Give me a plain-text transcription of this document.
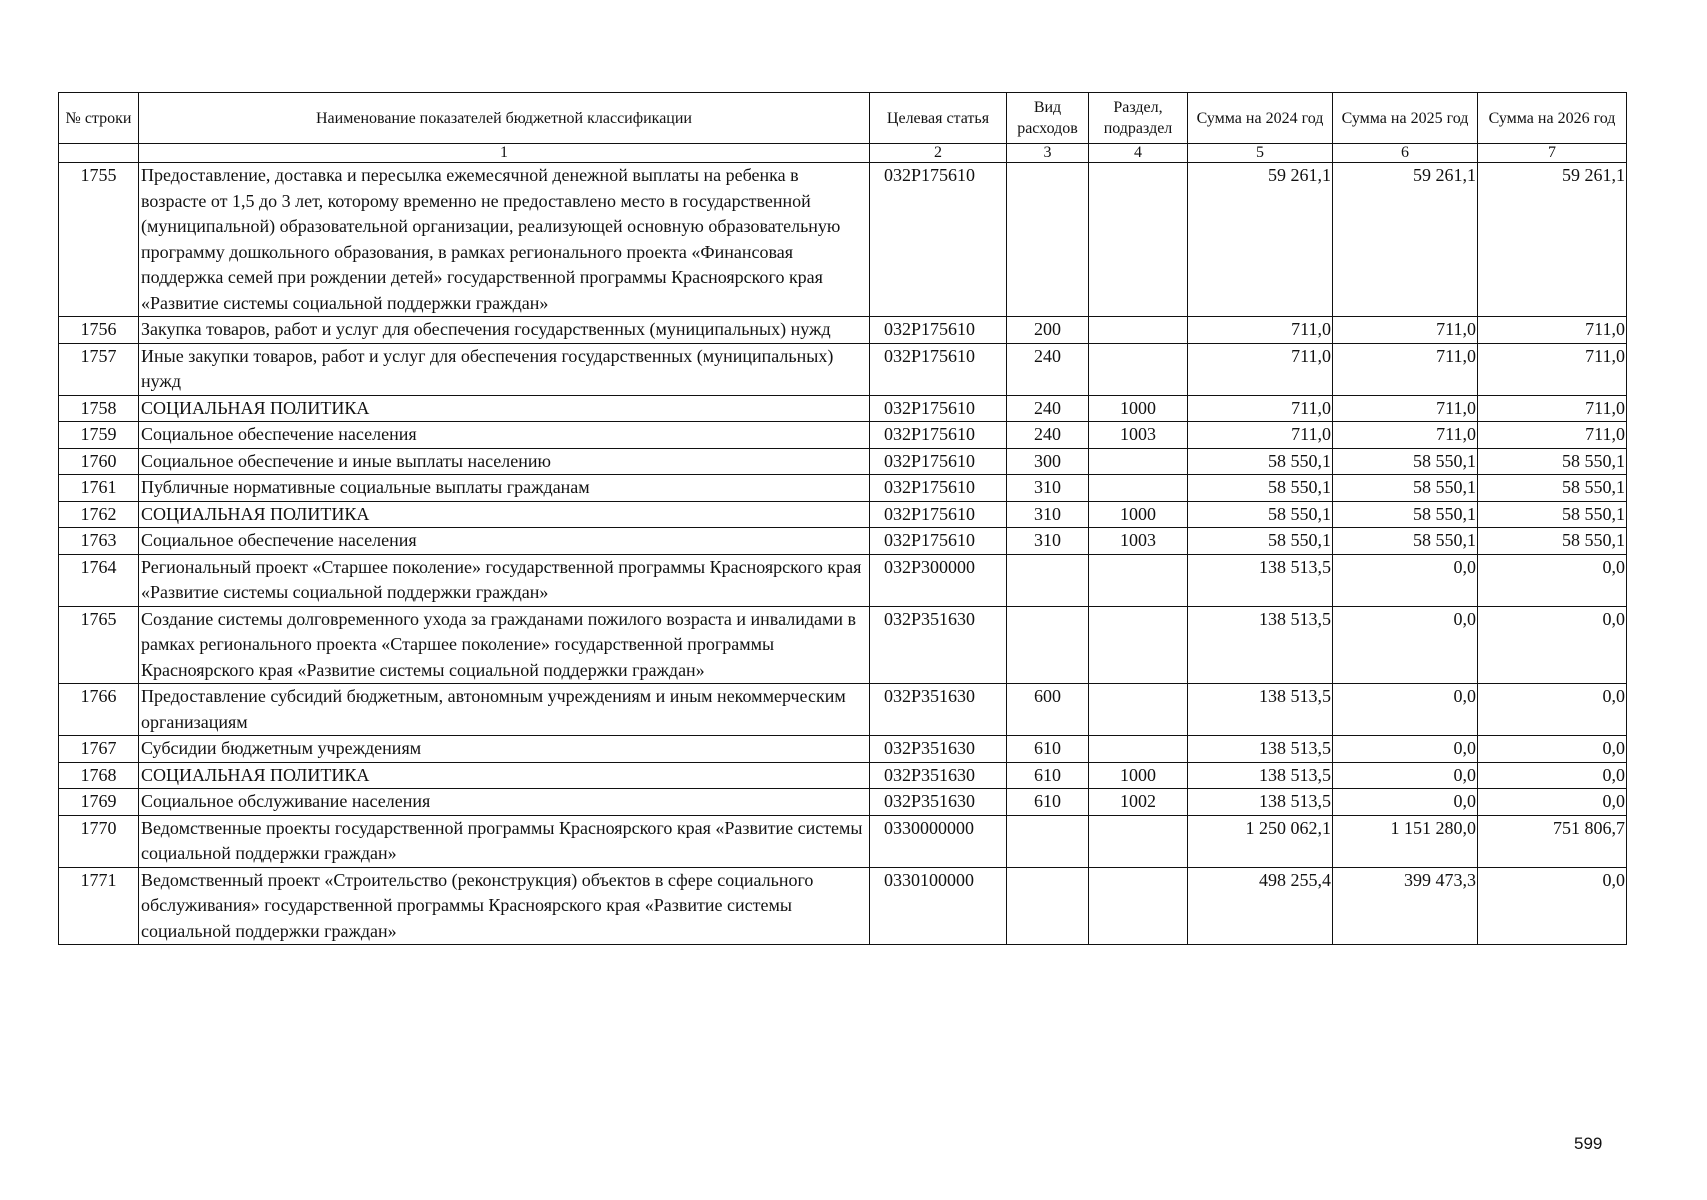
№ строки	Наименование показателей бюджетной классификации	Целевая статья	Вид расходов	Раздел, подраздел	Сумма на 2024 год	Сумма на 2025 год	Сумма на 2026 год
	1	2	3	4	5	6	7
1755	Предоставление, доставка и пересылка ежемесячной денежной выплаты на ребенка в возрасте от 1,5 до 3 лет, которому временно не предоставлено место в государственной (муниципальной) образовательной организации, реализующей основную образовательную программу дошкольного образования, в рамках регионального проекта «Финансовая поддержка семей при рождении детей» государственной программы Красноярского края «Развитие системы социальной поддержки граждан»	032P175610			59 261,1	59 261,1	59 261,1
1756	Закупка товаров, работ и услуг для обеспечения государственных (муниципальных) нужд	032P175610	200		711,0	711,0	711,0
1757	Иные закупки товаров, работ и услуг для обеспечения государственных (муниципальных) нужд	032P175610	240		711,0	711,0	711,0
1758	СОЦИАЛЬНАЯ ПОЛИТИКА	032P175610	240	1000	711,0	711,0	711,0
1759	Социальное обеспечение населения	032P175610	240	1003	711,0	711,0	711,0
1760	Социальное обеспечение и иные выплаты населению	032P175610	300		58 550,1	58 550,1	58 550,1
1761	Публичные нормативные социальные выплаты гражданам	032P175610	310		58 550,1	58 550,1	58 550,1
1762	СОЦИАЛЬНАЯ ПОЛИТИКА	032P175610	310	1000	58 550,1	58 550,1	58 550,1
1763	Социальное обеспечение населения	032P175610	310	1003	58 550,1	58 550,1	58 550,1
1764	Региональный проект «Старшее поколение» государственной программы Красноярского края «Развитие системы социальной поддержки граждан»	032P300000			138 513,5	0,0	0,0
1765	Создание системы долговременного ухода за гражданами пожилого возраста и инвалидами в рамках регионального проекта «Старшее поколение» государственной программы Красноярского края «Развитие системы социальной поддержки граждан»	032P351630			138 513,5	0,0	0,0
1766	Предоставление субсидий бюджетным, автономным учреждениям и иным некоммерческим организациям	032P351630	600		138 513,5	0,0	0,0
1767	Субсидии бюджетным учреждениям	032P351630	610		138 513,5	0,0	0,0
1768	СОЦИАЛЬНАЯ ПОЛИТИКА	032P351630	610	1000	138 513,5	0,0	0,0
1769	Социальное обслуживание населения	032P351630	610	1002	138 513,5	0,0	0,0
1770	Ведомственные проекты государственной программы Красноярского края «Развитие системы социальной поддержки граждан»	0330000000			1 250 062,1	1 151 280,0	751 806,7
1771	Ведомственный проект «Строительство (реконструкция) объектов в сфере социального обслуживания» государственной программы Красноярского края «Развитие системы социальной поддержки граждан»	0330100000			498 255,4	399 473,3	0,0
599
